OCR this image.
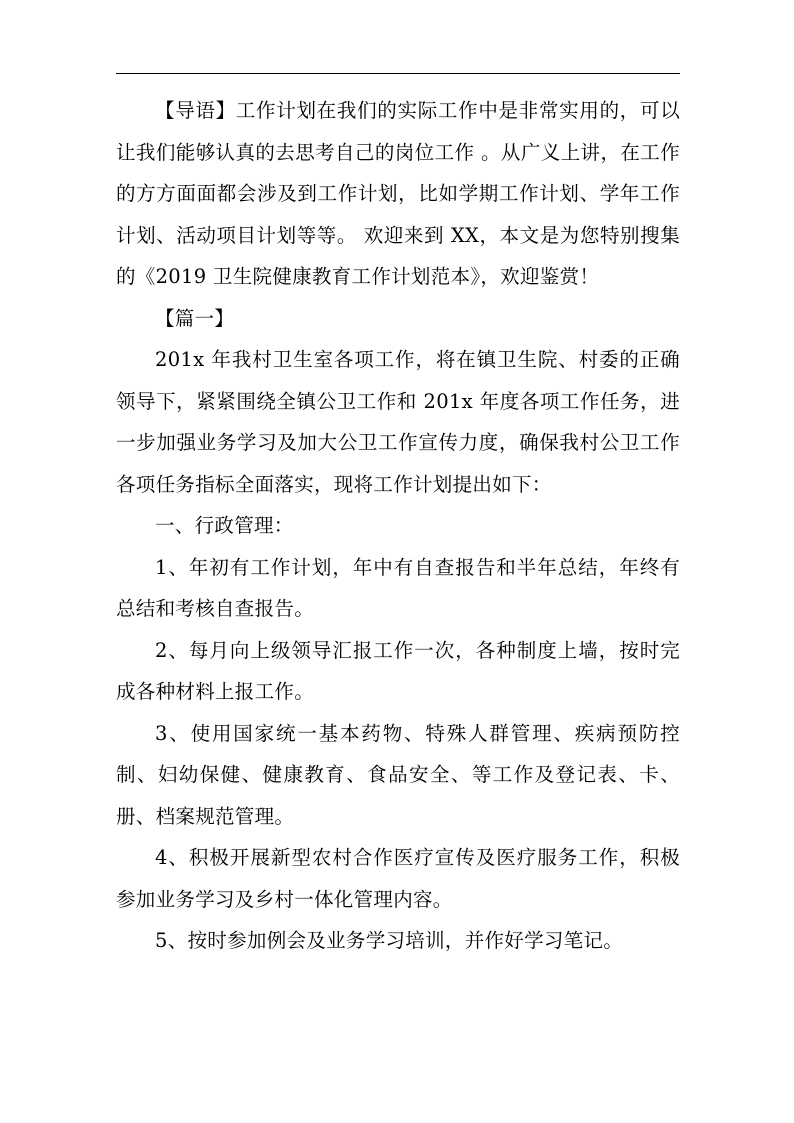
【导语】工作计划在我们的实际工作中是非常实用的，可以让我们能够认真的去思考自己的岗位工作 。从广义上讲，在工作的方方面面都会涉及到工作计划，比如学期工作计划、学年工作计划、活动项目计划等等。 欢迎来到 XX，本文是为您特别搜集的《2019 卫生院健康教育工作计划范本》，欢迎鉴赏！

【篇一】

201x 年我村卫生室各项工作，将在镇卫生院、村委的正确领导下，紧紧围绕全镇公卫工作和 201x 年度各项工作任务，进一步加强业务学习及加大公卫工作宣传力度，确保我村公卫工作各项任务指标全面落实，现将工作计划提出如下：

一、行政管理：

1、年初有工作计划，年中有自查报告和半年总结，年终有总结和考核自查报告。

2、每月向上级领导汇报工作一次，各种制度上墙，按时完成各种材料上报工作。

3、使用国家统一基本药物、特殊人群管理、疾病预防控制、妇幼保健、健康教育、食品安全、等工作及登记表、卡、册、档案规范管理。

4、积极开展新型农村合作医疗宣传及医疗服务工作，积极参加业务学习及乡村一体化管理内容。

5、按时参加例会及业务学习培训，并作好学习笔记。
